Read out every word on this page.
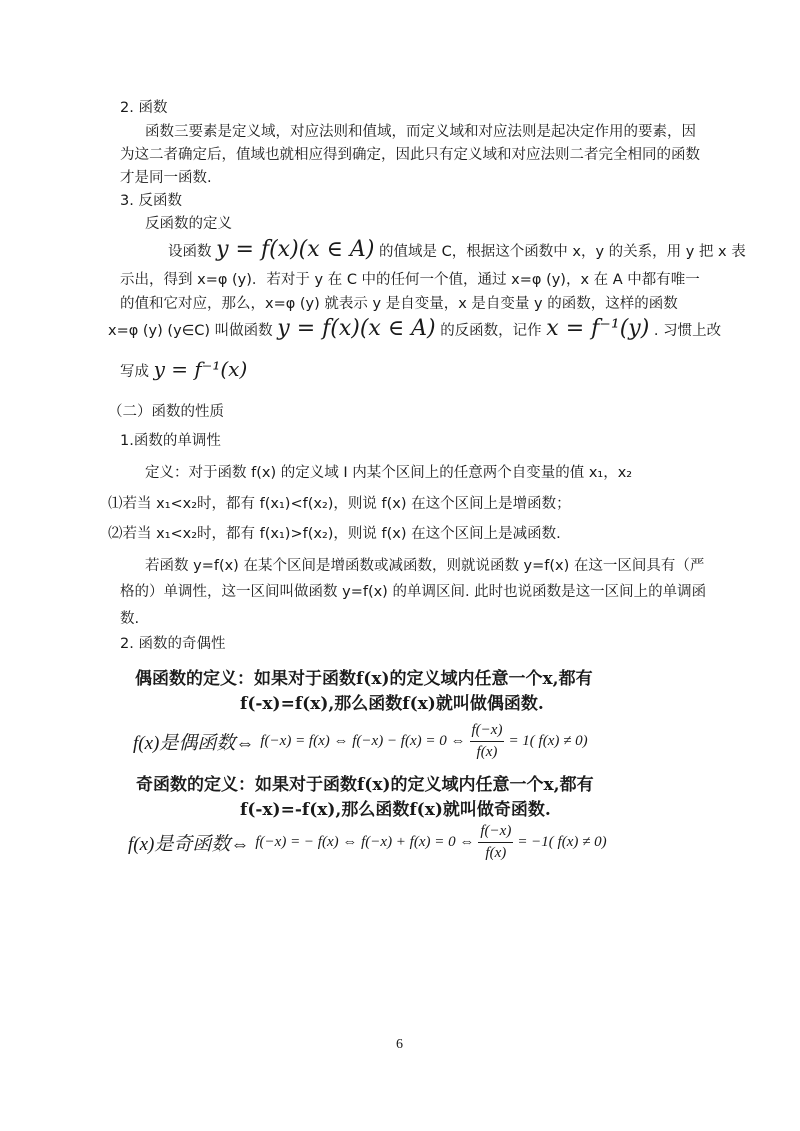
2. 函数
函数三要素是定义域，对应法则和值域，而定义域和对应法则是起决定作用的要素，因
为这二者确定后，值域也就相应得到确定，因此只有定义域和对应法则二者完全相同的函数
才是同一函数.
3. 反函数
反函数的定义
设函数 y = f(x)(x ∈ A) 的值域是 C，根据这个函数中 x，y 的关系，用 y 把 x 表
示出，得到 x=φ (y)．若对于 y 在 C 中的任何一个值，通过 x=φ (y)，x 在 A 中都有唯一
的值和它对应，那么，x=φ (y) 就表示 y 是自变量，x 是自变量 y 的函数，这样的函数
x=φ (y) (y∈C) 叫做函数 y = f(x)(x ∈ A) 的反函数，记作 x = f⁻¹(y) . 习惯上改
写成 y = f⁻¹(x)
（二）函数的性质
1.函数的单调性
定义：对于函数 f(x) 的定义域 I 内某个区间上的任意两个自变量的值 x₁，x₂
⑴若当 x₁<x₂时，都有 f(x₁)<f(x₂)，则说 f(x) 在这个区间上是增函数；
⑵若当 x₁<x₂时，都有 f(x₁)>f(x₂)，则说 f(x) 在这个区间上是减函数.
若函数 y=f(x) 在某个区间是增函数或减函数，则就说函数 y=f(x) 在这一区间具有（严
格的）单调性，这一区间叫做函数 y=f(x) 的单调区间. 此时也说函数是这一区间上的单调函
数.
2. 函数的奇偶性
偶函数的定义：如果对于函数f(x)的定义域内任意一个x,都有
f(-x)=f(x),那么函数f(x)就叫做偶函数.
f(x)是偶函数⇔ f(−x) = f(x) ⇔ f(−x) − f(x) = 0 ⇔ $\frac{f(-x)}{f(x)} = 1$( f(x) ≠ 0)
奇函数的定义：如果对于函数f(x)的定义域内任意一个x,都有
f(-x)=-f(x),那么函数f(x)就叫做奇函数.
f(x)是奇函数⇔ f(−x) = − f(x) ⇔ f(−x) + f(x) = 0 ⇔ $\frac{f(-x)}{f(x)} = -1$( f(x) ≠ 0)
6
